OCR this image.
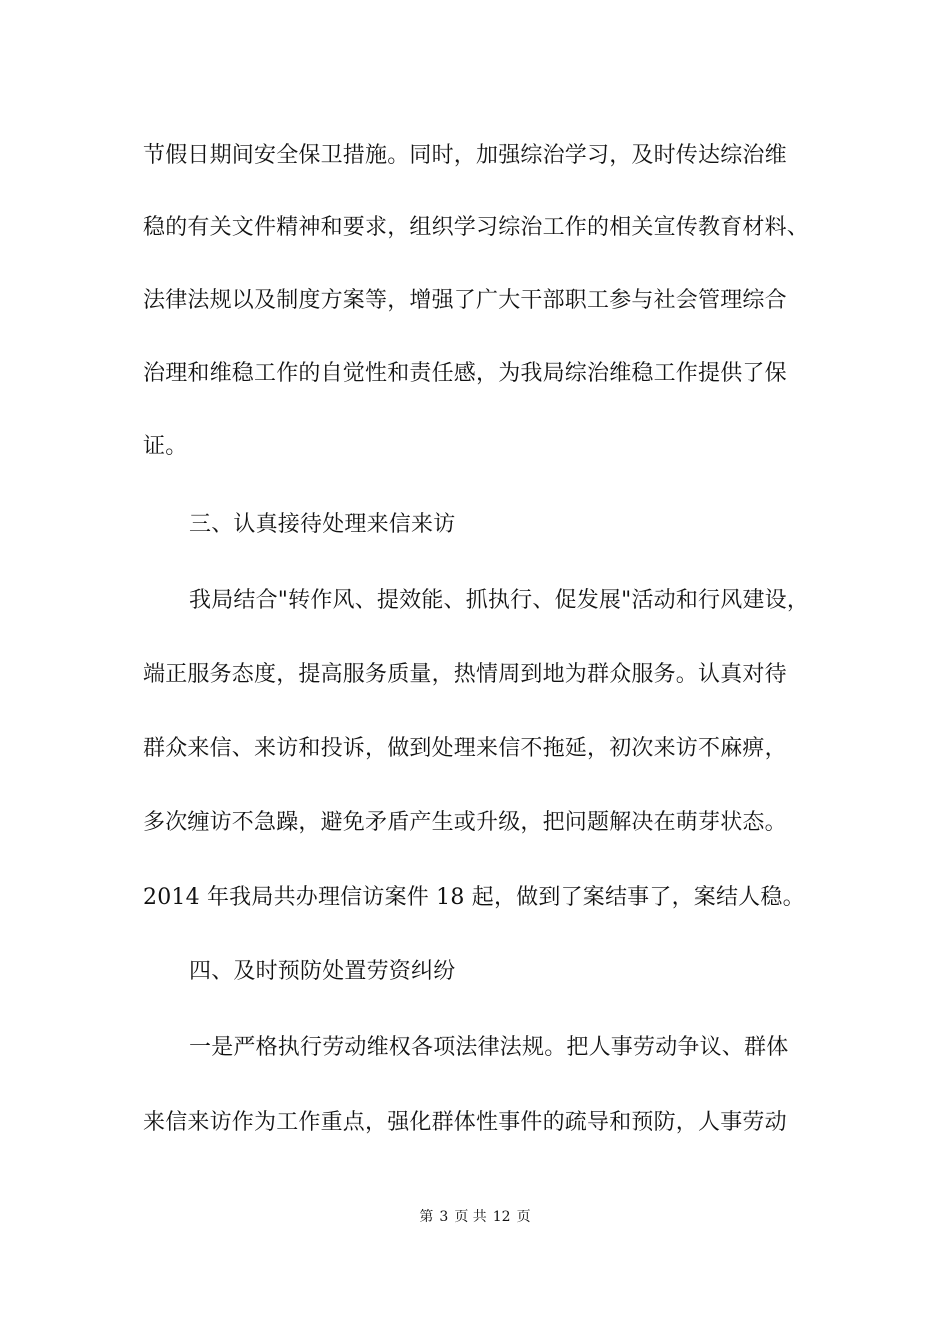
节假日期间安全保卫措施。同时，加强综治学习，及时传达综治维
稳的有关文件精神和要求，组织学习综治工作的相关宣传教育材料、
法律法规以及制度方案等，增强了广大干部职工参与社会管理综合
治理和维稳工作的自觉性和责任感，为我局综治维稳工作提供了保
证。
三、认真接待处理来信来访
我局结合"转作风、提效能、抓执行、促发展"活动和行风建设，
端正服务态度，提高服务质量，热情周到地为群众服务。认真对待
群众来信、来访和投诉，做到处理来信不拖延，初次来访不麻痹，
多次缠访不急躁，避免矛盾产生或升级，把问题解决在萌芽状态。
2014 年我局共办理信访案件 18 起，做到了案结事了，案结人稳。
四、及时预防处置劳资纠纷
一是严格执行劳动维权各项法律法规。把人事劳动争议、群体
来信来访作为工作重点，强化群体性事件的疏导和预防，人事劳动
第 3 页 共 12 页
